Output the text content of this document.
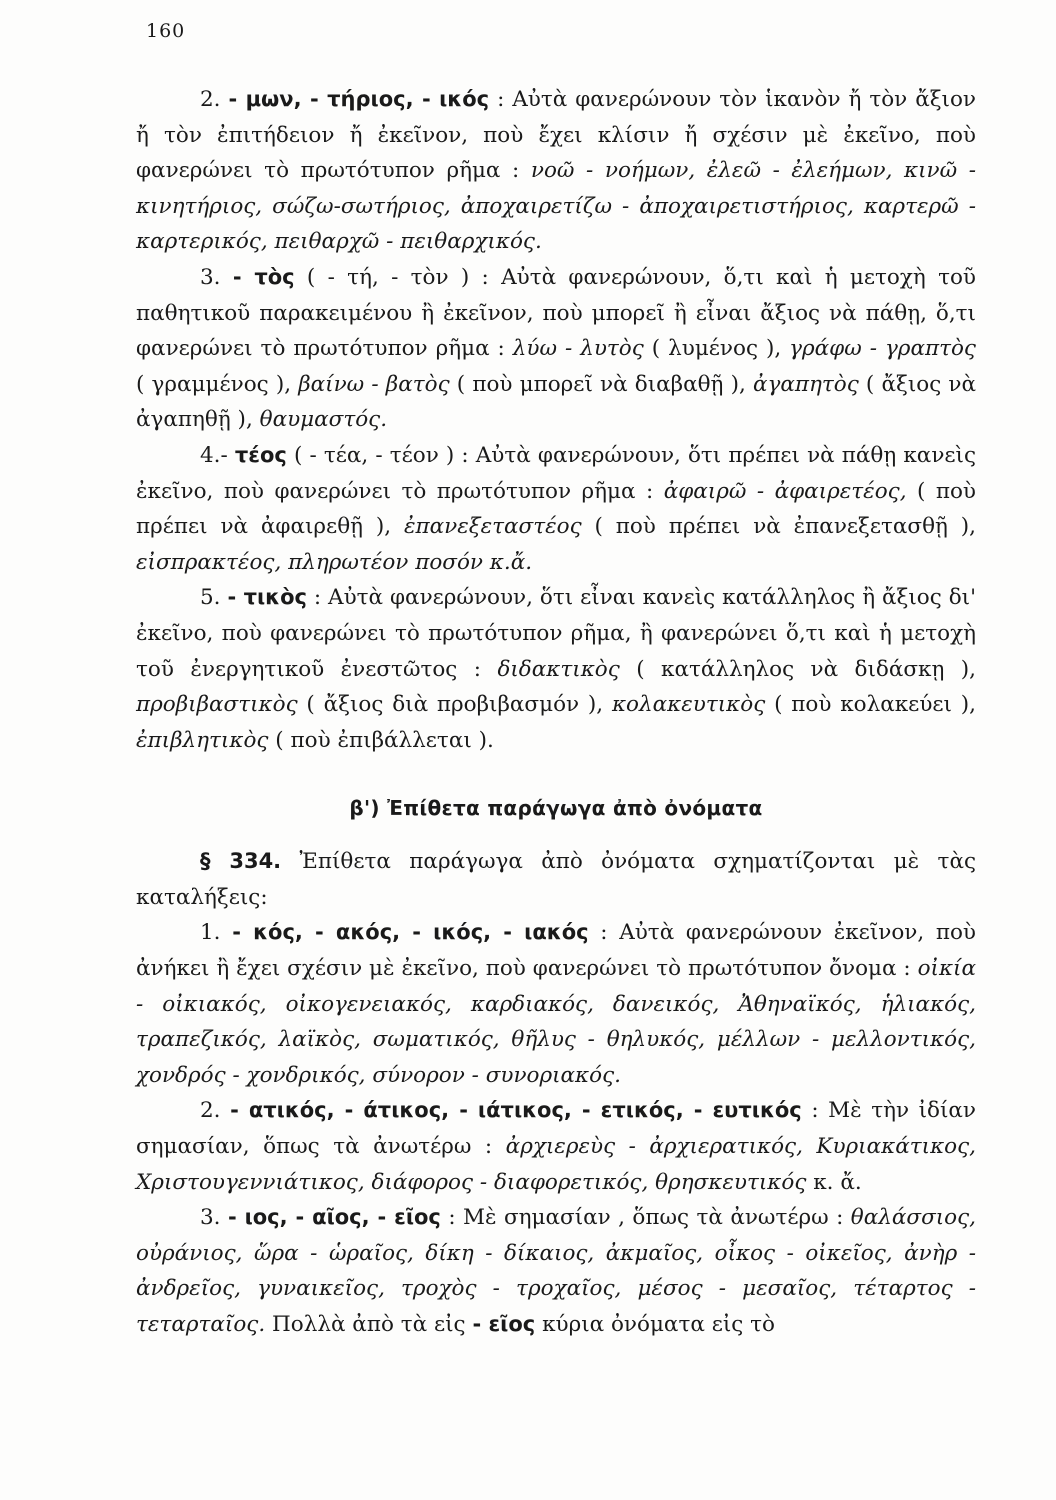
160

2. - μων, - τήριος, - ικός : Αὐτὰ φανερώνουν τὸν ἱκανὸν ἤ τὸν ἄξιον ἤ τὸν ἐπιτήδειον ἤ ἐκεῖνον, ποὺ ἔχει κλίσιν ἤ σχέσιν μὲ ἐκεῖνο, ποὺ φανερώνει τὸ πρωτότυπον ρῆμα : νοῶ - νοήμων, ἐλεῶ - ἐλεήμων, κινῶ - κινητήριος, σώζω-σωτήριος, ἀποχαιρετίζω - ἀποχαιρετιστήριος, καρτερῶ - καρτερικός, πειθαρχῶ - πειθαρχικός.

3. - τὸς ( - τή, - τὸν ) : Αὐτὰ φανερώνουν, ὅ,τι καὶ ἡ μετοχὴ τοῦ παθητικοῦ παρακειμένου ἢ ἐκεῖνον, ποὺ μπορεῖ ἢ εἶναι ἄξιος νὰ πάθῃ, ὅ,τι φανερώνει τὸ πρωτότυπον ρῆμα : λύω - λυτὸς ( λυμένος ), γράφω - γραπτὸς ( γραμμένος ), βαίνω - βατὸς ( ποὺ μπορεῖ νὰ διαβαθῇ ), ἀγαπητὸς ( ἄξιος νὰ ἀγαπηθῇ ), θαυμαστός.

4.- τέος ( - τέα, - τέον ) : Αὐτὰ φανερώνουν, ὅτι πρέπει νὰ πάθῃ κανεὶς ἐκεῖνο, ποὺ φανερώνει τὸ πρωτότυπον ρῆμα : ἀφαιρῶ - ἀφαιρετέος, ( ποὺ πρέπει νὰ ἀφαιρεθῇ ), ἐπανεξεταστέος ( ποὺ πρέπει νὰ ἐπανεξετασθῇ ), εἰσπρακτέος, πληρωτέον ποσόν κ.ἄ.

5. - τικὸς : Αὐτὰ φανερώνουν, ὅτι εἶναι κανεὶς κατάλληλος ἢ ἄξιος δι' ἐκεῖνο, ποὺ φανερώνει τὸ πρωτότυπον ρῆμα, ἢ φανερώνει ὅ,τι καὶ ἡ μετοχὴ τοῦ ἐνεργητικοῦ ἐνεστῶτος : διδακτικὸς ( κατάλληλος νὰ διδάσκῃ ), προβιβαστικὸς ( ἄξιος διὰ προβιβασμόν ), κολακευτικὸς ( ποὺ κολακεύει ), ἐπιβλητικὸς ( ποὺ ἐπιβάλλεται ).

β') Ἐπίθετα παράγωγα ἀπὸ ὀνόματα

§ 334. Ἐπίθετα παράγωγα ἀπὸ ὀνόματα σχηματίζονται μὲ τὰς καταλήξεις:

1. - κός, - ακός, - ικός, - ιακός : Αὐτὰ φανερώνουν ἐκεῖνον, ποὺ ἀνήκει ἢ ἔχει σχέσιν μὲ ἐκεῖνο, ποὺ φανερώνει τὸ πρωτότυπον ὄνομα : οἰκία - οἰκιακός, οἰκογενειακός, καρδιακός, δανεικός, Ἀθηναϊκός, ἡλιακός, τραπεζικός, λαϊκὸς, σωματικός, θῆλυς - θηλυκός, μέλλων - μελλοντικός, χονδρός - χονδρικός, σύνορον - συνοριακός.

2. - ατικός, - άτικος, - ιάτικος, - ετικός, - ευτικός : Μὲ τὴν ἰδίαν σημασίαν, ὅπως τὰ ἀνωτέρω : ἀρχιερεὺς - ἀρχιερατικός, Κυριακάτικος, Χριστουγεννιάτικος, διάφορος - διαφορετικός, θρησκευτικός κ. ἄ.

3. - ιος, - αῖος, - εῖος : Μὲ σημασίαν , ὅπως τὰ ἀνωτέρω : θαλάσσιος, οὐράνιος, ὥρα - ὡραῖος, δίκη - δίκαιος, ἀκμαῖος, οἶκος - οἰκεῖος, ἀνὴρ - ἀνδρεῖος, γυναικεῖος, τροχὸς - τροχαῖος, μέσος - μεσαῖος, τέταρτος - τεταρταῖος. Πολλὰ ἀπὸ τὰ εἰς - εῖος κύρια ὀνόματα εἰς τὸ
